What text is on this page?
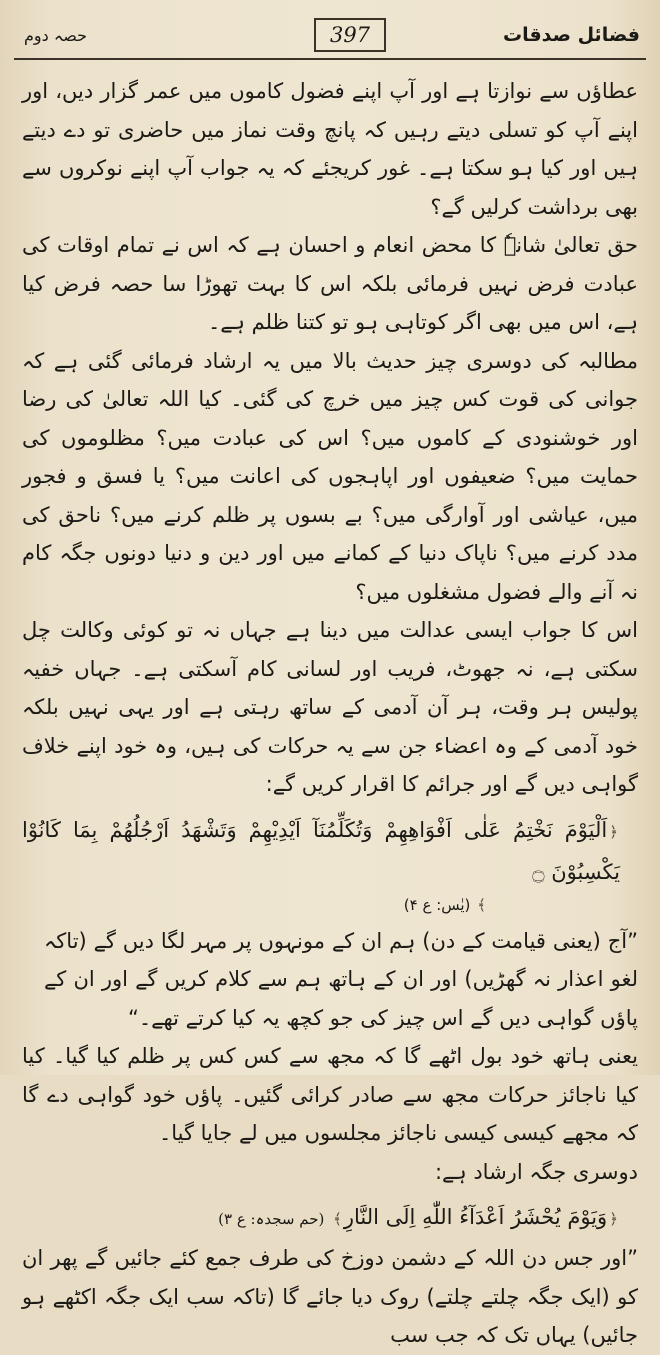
فضائل صدقات
397
حصہ دوم

عطاؤں سے نوازتا ہے اور آپ اپنے فضول کاموں میں عمر گزار دیں، اور اپنے آپ کو تسلی دیتے رہیں کہ پانچ وقت نماز میں حاضری تو دے دیتے ہیں اور کیا ہو سکتا ہے۔ غور کریجئے کہ یہ جواب آپ اپنے نوکروں سے بھی برداشت کرلیں گے؟

حق تعالیٰ شانہٗ کا محض انعام و احسان ہے کہ اس نے تمام اوقات کی عبادت فرض نہیں فرمائی بلکہ اس کا بہت تھوڑا سا حصہ فرض کیا ہے، اس میں بھی اگر کوتاہی ہو تو کتنا ظلم ہے۔

مطالبہ کی دوسری چیز حدیث بالا میں یہ ارشاد فرمائی گئی ہے کہ جوانی کی قوت کس چیز میں خرچ کی گئی۔ کیا اللہ تعالیٰ کی رضا اور خوشنودی کے کاموں میں؟ اس کی عبادت میں؟ مظلوموں کی حمایت میں؟ ضعیفوں اور اپاہجوں کی اعانت میں؟ یا فسق و فجور میں، عیاشی اور آوارگی میں؟ بے بسوں پر ظلم کرنے میں؟ ناحق کی مدد کرنے میں؟ ناپاک دنیا کے کمانے میں اور دین و دنیا دونوں جگہ کام نہ آنے والے فضول مشغلوں میں؟

اس کا جواب ایسی عدالت میں دینا ہے جہاں نہ تو کوئی وکالت چل سکتی ہے، نہ جھوٹ، فریب اور لسانی کام آسکتی ہے۔ جہاں خفیہ پولیس ہر وقت، ہر آن آدمی کے ساتھ رہتی ہے اور یہی نہیں بلکہ خود آدمی کے وہ اعضاء جن سے یہ حرکات کی ہیں، وہ خود اپنے خلاف گواہی دیں گے اور جرائم کا اقرار کریں گے:

﴿اَلْيَوْمَ نَخْتِمُ عَلٰى اَفْوَاهِهِمْ وَتُكَلِّمُنَآ اَيْدِيْهِمْ وَتَشْهَدُ اَرْجُلُهُمْ بِمَا كَانُوْا يَكْسِبُوْنَ ۝

﴾ (یٰس: ع ۴)

”آج (یعنی قیامت کے دن) ہم ان کے مونہوں پر مہر لگا دیں گے (تاکہ لغو اعذار نہ گھڑیں) اور ان کے ہاتھ ہم سے کلام کریں گے اور ان کے پاؤں گواہی دیں گے اس چیز کی جو کچھ یہ کیا کرتے تھے۔“

یعنی ہاتھ خود بول اٹھے گا کہ مجھ سے کس کس پر ظلم کیا گیا۔ کیا کیا ناجائز حرکات مجھ سے صادر کرائی گئیں۔ پاؤں خود گواہی دے گا کہ مجھے کیسی کیسی ناجائز مجلسوں میں لے جایا گیا۔

دوسری جگہ ارشاد ہے:

﴿وَيَوْمَ يُحْشَرُ اَعْدَآءُ اللّٰهِ اِلَى النَّارِ﴾ (حم سجدہ: ع ۳)

”اور جس دن اللہ کے دشمن دوزخ کی طرف جمع کئے جائیں گے پھر ان کو (ایک جگہ چلتے چلتے) روک دیا جائے گا (تاکہ سب ایک جگہ اکٹھے ہو جائیں) یہاں تک کہ جب سب
